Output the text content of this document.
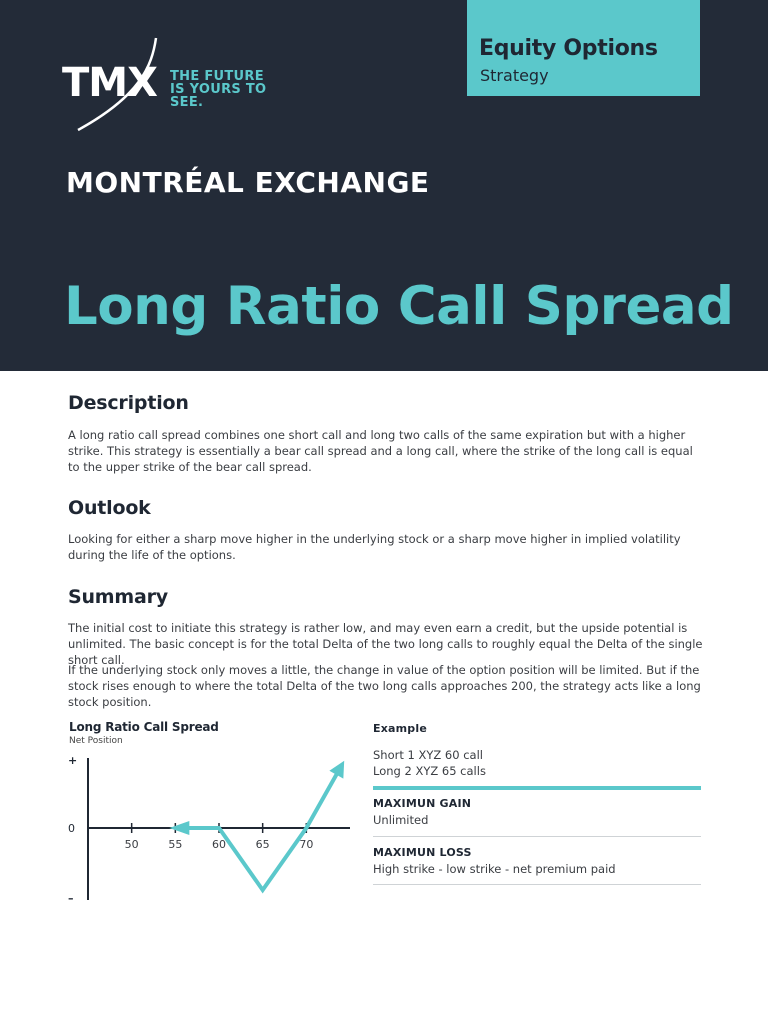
TMX THE FUTURE
IS YOURS TO SEE.
MONTRÉAL EXCHANGE
Long Ratio Call Spread
Equity Options
Strategy
Description

A long ratio call spread combines one short call and long two calls of the same expiration but with a higher strike. This strategy is essentially a bear call spread and a long call, where the strike of the long call is equal to the upper strike of the bear call spread.

Outlook

Looking for either a sharp move higher in the underlying stock or a sharp move higher in implied volatility during the life of the options.

Summary

The initial cost to initiate this strategy is rather low, and may even earn a credit, but the upside potential is unlimited. The basic concept is for the total Delta of the two long calls to roughly equal the Delta of the single short call.

If the underlying stock only moves a little, the change in value of the option position will be limited. But if the stock rises enough to where the total Delta of the two long calls approaches 200, the strategy acts like a long stock position.

Long Ratio Call Spread
Net Position
+
0
–
50	55	60	65	70
Example
Short 1 XYZ 60 call
Long 2 XYZ 65 calls
MAXIMUN GAIN
Unlimited
MAXIMUN LOSS
High strike - low strike - net premium paid
